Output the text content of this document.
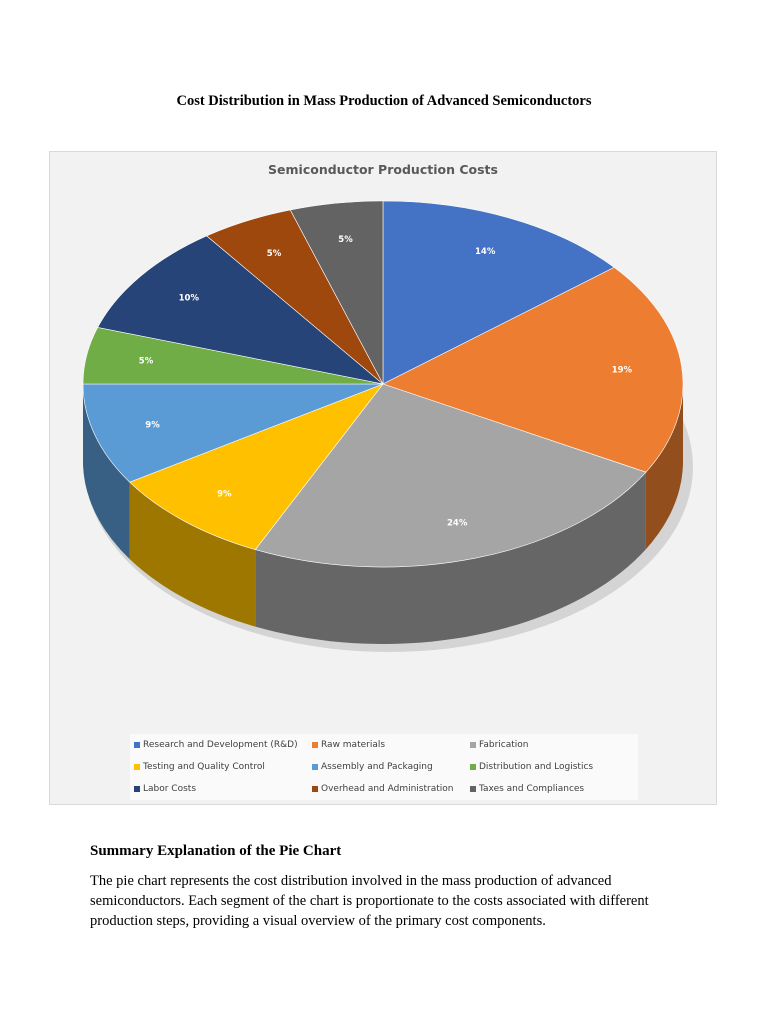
Cost Distribution in Mass Production of Advanced Semiconductors
Semiconductor Production Costs
14%
19%
24%
9%
9%
5%
10%
5%
5%
Research and Development (R&D)	Raw materials	Fabrication
Testing and Quality Control	Assembly and Packaging	Distribution and Logistics
Labor Costs	Overhead and Administration	Taxes and Compliances
Summary Explanation of the Pie Chart
The pie chart represents the cost distribution involved in the mass production of advanced semiconductors. Each segment of the chart is proportionate to the costs associated with different production steps, providing a visual overview of the primary cost components.
